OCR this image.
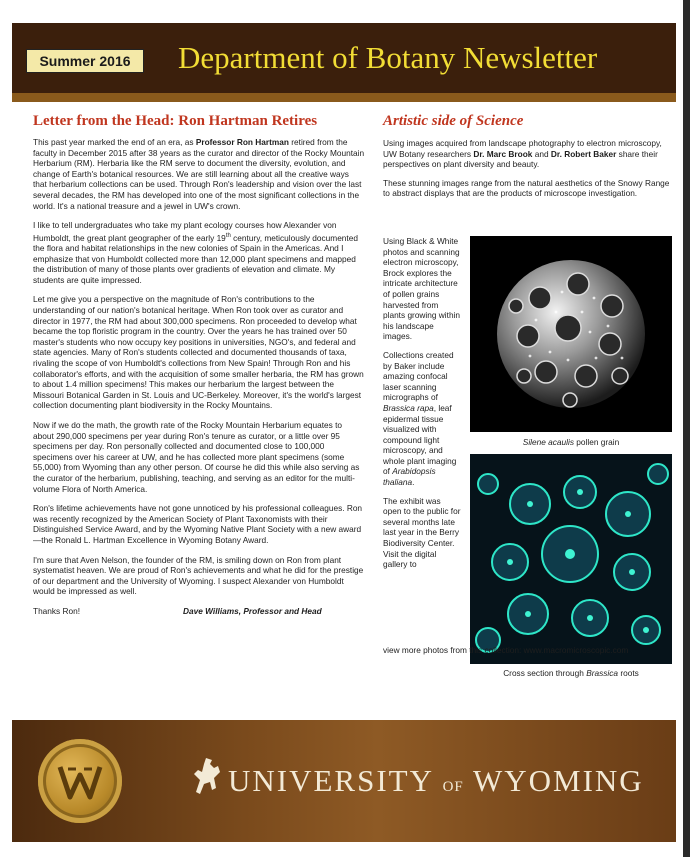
Summer 2016	Department of Botany Newsletter
Letter from the Head: Ron Hartman Retires	Artistic side of Science

This past year marked the end of an era, as Professor Ron Hartman retired from the faculty in December 2015 after 38 years as the curator and director of the Rocky Mountain Herbarium (RM). Herbaria like the RM serve to document the diversity, evolution, and change of Earth's botanical resources. We are still learning about all the creative ways that herbarium collections can be used. Through Ron's leadership and vision over the last several decades, the RM has developed into one of the most significant collections in the world. It's a national treasure and a jewel in UW's crown.

I like to tell undergraduates who take my plant ecology courses how Alexander von Humboldt, the great plant geographer of the early 19th century, meticulously documented the flora and habitat relationships in the new colonies of Spain in the Americas. And I emphasize that von Humboldt collected more than 12,000 plant specimens and mapped the distribution of many of those plants over gradients of elevation and climate. My students are quite impressed.

Let me give you a perspective on the magnitude of Ron's contributions to the understanding of our nation's botanical heritage. When Ron took over as curator and director in 1977, the RM had about 300,000 specimens. Ron proceeded to develop what became the top floristic program in the country. Over the years he has trained over 50 master's students who now occupy key positions in universities, NGO's, and federal and state agencies. Many of Ron's students collected and documented thousands of taxa, rivaling the scope of von Humboldt's collections from New Spain! Through Ron and his collaborator's efforts, and with the acquisition of some smaller herbaria, the RM has grown to about 1.4 million specimens! This makes our herbarium the largest between the Missouri Botanical Garden in St. Louis and UC-Berkeley. Moreover, it's the world's largest collection documenting plant biodiversity in the Rocky Mountains.

Now if we do the math, the growth rate of the Rocky Mountain Herbarium equates to about 290,000 specimens per year during Ron's tenure as curator, or a little over 95 specimens per day. Ron personally collected and documented close to 100,000 specimens over his career at UW, and he has collected more plant specimens (some 55,000) from Wyoming than any other person. Of course he did this while also serving as the curator of the herbarium, publishing, teaching, and serving as an editor for the multi-volume Flora of North America.

Ron's lifetime achievements have not gone unnoticed by his professional colleagues. Ron was recently recognized by the American Society of Plant Taxonomists with their Distinguished Service Award, and by the Wyoming Native Plant Society with a new award—the Ronald L. Hartman Excellence in Wyoming Botany Award.

I'm sure that Aven Nelson, the founder of the RM, is smiling down on Ron from plant systematist heaven. We are proud of Ron's achievements and what he did for the prestige of our department and the University of Wyoming. I suspect Alexander von Humboldt would be impressed as well.

Thanks Ron!	Dave Williams, Professor and Head

Using images acquired from landscape photography to electron microscopy, UW Botany researchers Dr. Marc Brook and Dr. Robert Baker share their perspectives on plant diversity and beauty.

These stunning images range from the natural aesthetics of the Snowy Range to abstract displays that are the products of microscope investigation.

Using Black & White photos and scanning electron microscopy, Brock explores the intricate architecture of pollen grains harvested from plants growing within his landscape images.

Collections created by Baker include amazing confocal laser scanning micrographs of Brassica rapa, leaf epidermal tissue visualized with compound light microscopy, and whole plant imaging of Arabidopsis thaliana.

The exhibit was open to the public for several months late last year in the Berry Biodiversity Center. Visit the digital gallery to

Silene acaulis pollen grain
Cross section through Brassica roots
view more photos from this collection: www.macromicroscopic.com
UNIVERSITY OF WYOMING
